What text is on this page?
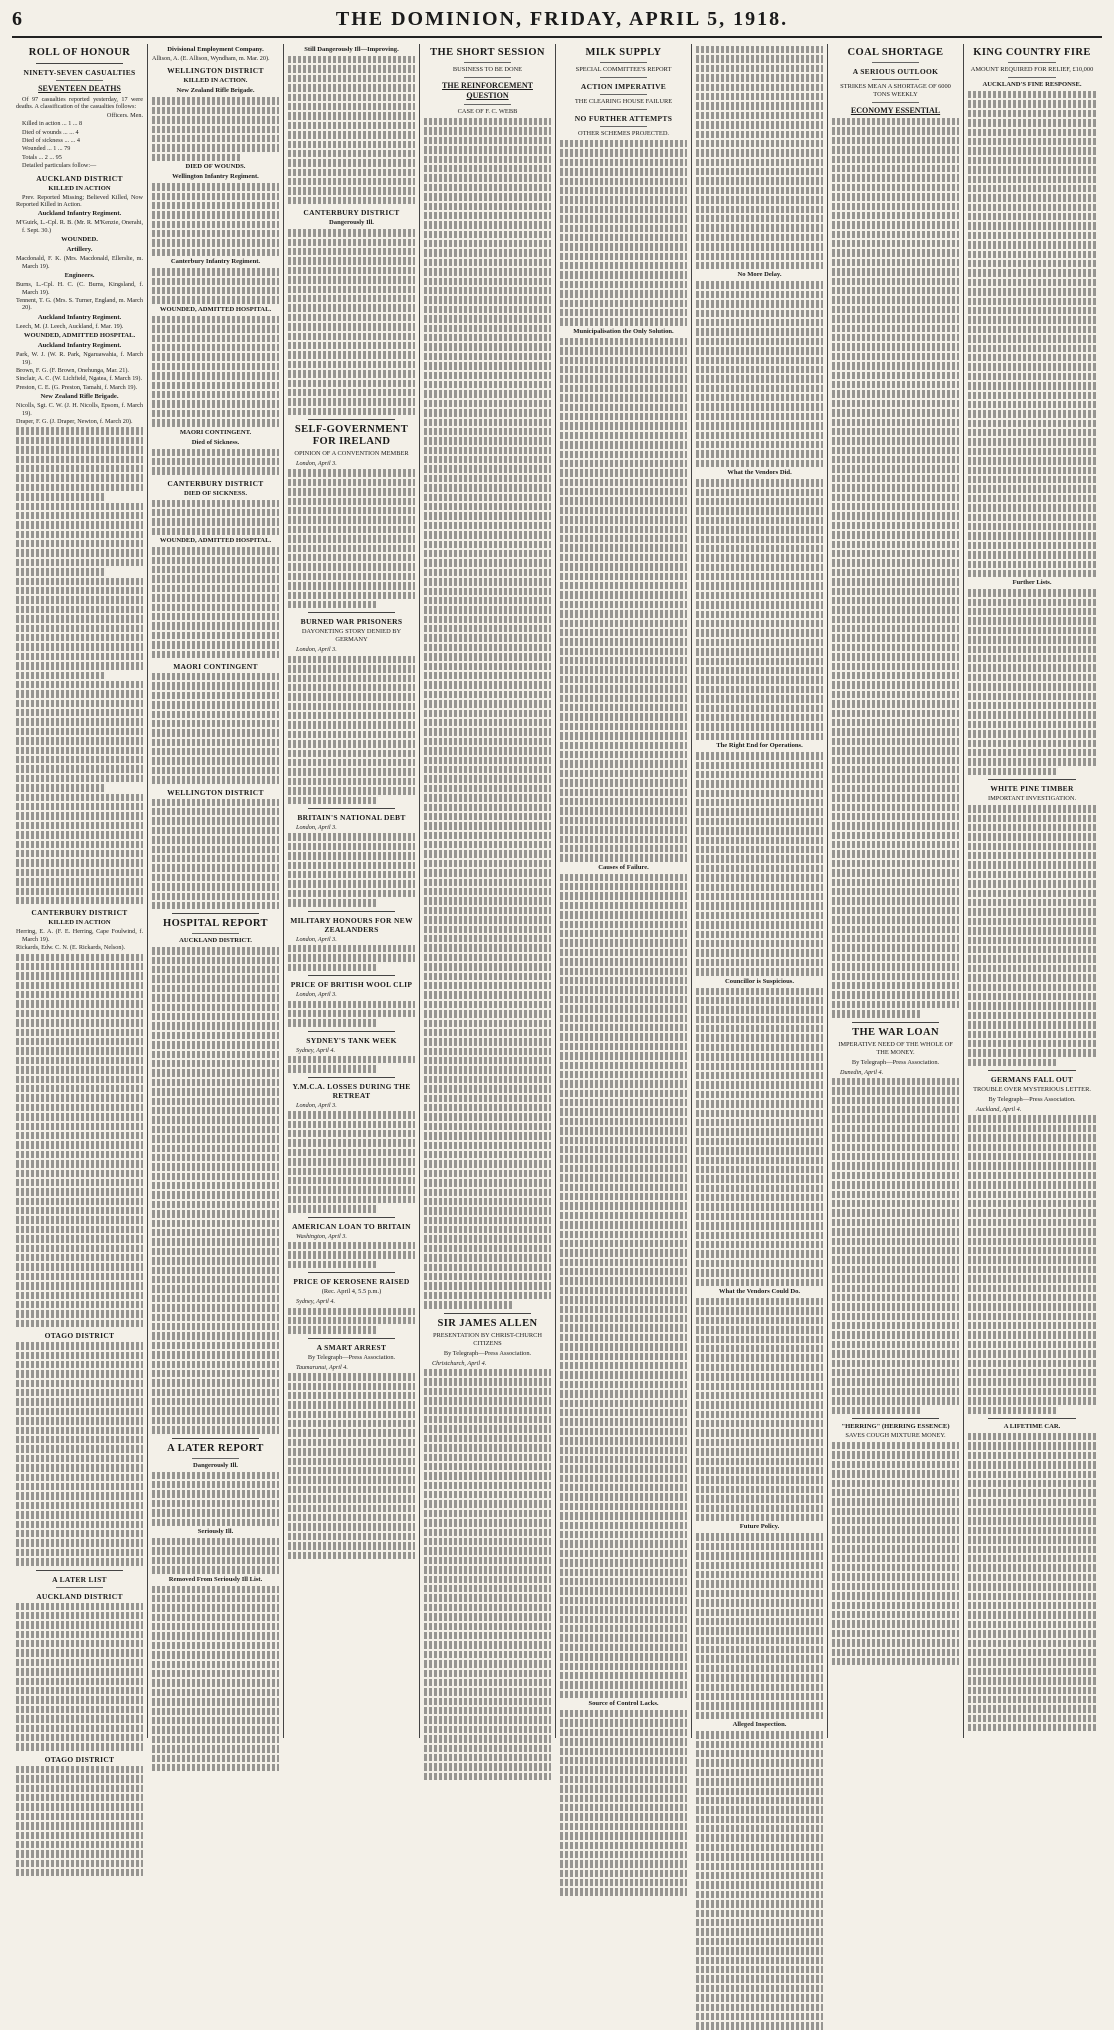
6	THE DOMINION, FRIDAY, APRIL 5, 1918.
ROLL OF HONOUR
NINETY-SEVEN CASUALTIES
SEVENTEEN DEATHS

Of 97 casualties reported yesterday, 17 were deaths. A classification of the casualties follows:

Officers. Men.

Killed in action ... 1 ... 8

Died of wounds ... ... 4

Died of sickness ... ... 4

Wounded ... 1 ... 79

Totals ... 2 ... 95

Detailed particulars follow:—

AUCKLAND DISTRICT
KILLED IN ACTION

Prev. Reported Missing; Believed Killed, Now Reported Killed in Action.

Auckland Infantry Regiment.

M'Guirk, L.-Cpl. R. B. (Mr. R. M'Kenzie, Onerahi, f. Sept. 30.)

WOUNDED.
Artillery.

Macdonald, F. K. (Mrs. Macdonald, Ellerslie, m. March 19).

Engineers.

Burns, L.-Cpl. H. C. (C. Burns, Kingsland, f. March 19).

Tennent, T. G. (Mrs. S. Turner, England, m. March 20).

Auckland Infantry Regiment.

Leech, M. (J. Leech, Auckland, f. Mar. 19).

WOUNDED, ADMITTED HOSPITAL.
Auckland Infantry Regiment.

Park, W. J. (W. R. Park, Ngaruawahia, f. March 19).

Brown, F. G. (F. Brown, Onehunga, Mar. 21).

Sinclair, A. C. (W. Lichfield, Ngatea, f. March 19).

Preston, C. E. (G. Preston, Tamahi, f. March 19).

New Zealand Rifle Brigade.

Nicolls, Sgt. C. W. (J. H. Nicolls, Epsom, f. March 19).

Draper, F. G. (J. Draper, Newton, f. March 20).

CANTERBURY DISTRICT
KILLED IN ACTION

Herring, E. A. (F. E. Herring, Cape Foulwind, f. March 19).

Rickards, Edw. C. N. (E. Rickards, Nelson).

OTAGO DISTRICT
A LATER LIST
AUCKLAND DISTRICT
OTAGO DISTRICT
Divisional Employment Company.

Allison, A. (E. Allison, Wyndham, m. Mar. 20).

WELLINGTON DISTRICT
KILLED IN ACTION.
New Zealand Rifle Brigade.
DIED OF WOUNDS.
Wellington Infantry Regiment.
Canterbury Infantry Regiment.
WOUNDED, ADMITTED HOSPITAL.
MAORI CONTINGENT.
Died of Sickness.
CANTERBURY DISTRICT
DIED OF SICKNESS.
WOUNDED, ADMITTED HOSPITAL.
MAORI CONTINGENT
WELLINGTON DISTRICT
HOSPITAL REPORT
AUCKLAND DISTRICT.
A LATER REPORT
Dangerously Ill.
Seriously Ill.
Removed From Seriously Ill List.
Still Dangerously Ill—Improving.
CANTERBURY DISTRICT
Dangerously Ill.
SELF-GOVERNMENT FOR IRELAND
OPINION OF A CONVENTION MEMBER

London, April 3.

BURNED WAR PRISONERS
DAYONETING STORY DENIED BY GERMANY

London, April 3.

BRITAIN'S NATIONAL DEBT

London, April 3.

MILITARY HONOURS FOR NEW ZEALANDERS

London, April 3.

PRICE OF BRITISH WOOL CLIP

London, April 3.

SYDNEY'S TANK WEEK

Sydney, April 4.

Y.M.C.A. LOSSES DURING THE RETREAT

London, April 3.

AMERICAN LOAN TO BRITAIN

Washington, April 3.

PRICE OF KEROSENE RAISED
(Rec. April 4, 5.5 p.m.)

Sydney, April 4.

A SMART ARREST
By Telegraph—Press Association.

Taumarunui, April 4.

THE SHORT SESSION
BUSINESS TO BE DONE
THE REINFORCEMENT QUESTION
CASE OF F. C. WEBB
SIR JAMES ALLEN
PRESENTATION BY CHRIST-CHURCH CITIZENS
By Telegraph—Press Association.

Christchurch, April 4.

MILK SUPPLY
SPECIAL COMMITTEE'S REPORT
ACTION IMPERATIVE
THE CLEARING HOUSE FAILURE
NO FURTHER ATTEMPTS
OTHER SCHEMES PROJECTED.
Municipalisation the Only Solution.
Causes of Failure.
Source of Control Lacks.
No More Delay.
What the Vendors Did.
The Right End for Operations.
Councillor is Suspicious.
What the Vendors Could Do.
Future Policy.
Alleged Inspection.
COAL SHORTAGE
A SERIOUS OUTLOOK
STRIKES MEAN A SHORTAGE OF 6000 TONS WEEKLY
ECONOMY ESSENTIAL
THE WAR LOAN
IMPERATIVE NEED OF THE WHOLE OF THE MONEY.
By Telegraph—Press Association.

Dunedin, April 4.

"HERRING" (HERRING ESSENCE)
SAVES COUGH MIXTURE MONEY.
KING COUNTRY FIRE
AMOUNT REQUIRED FOR RELIEF, £10,000
AUCKLAND'S FINE RESPONSE.
Further Lists.
WHITE PINE TIMBER
IMPORTANT INVESTIGATION.
GERMANS FALL OUT
TROUBLE OVER MYSTERIOUS LETTER.
By Telegraph—Press Association.

Auckland, April 4.

A LIFETIME CAR.
